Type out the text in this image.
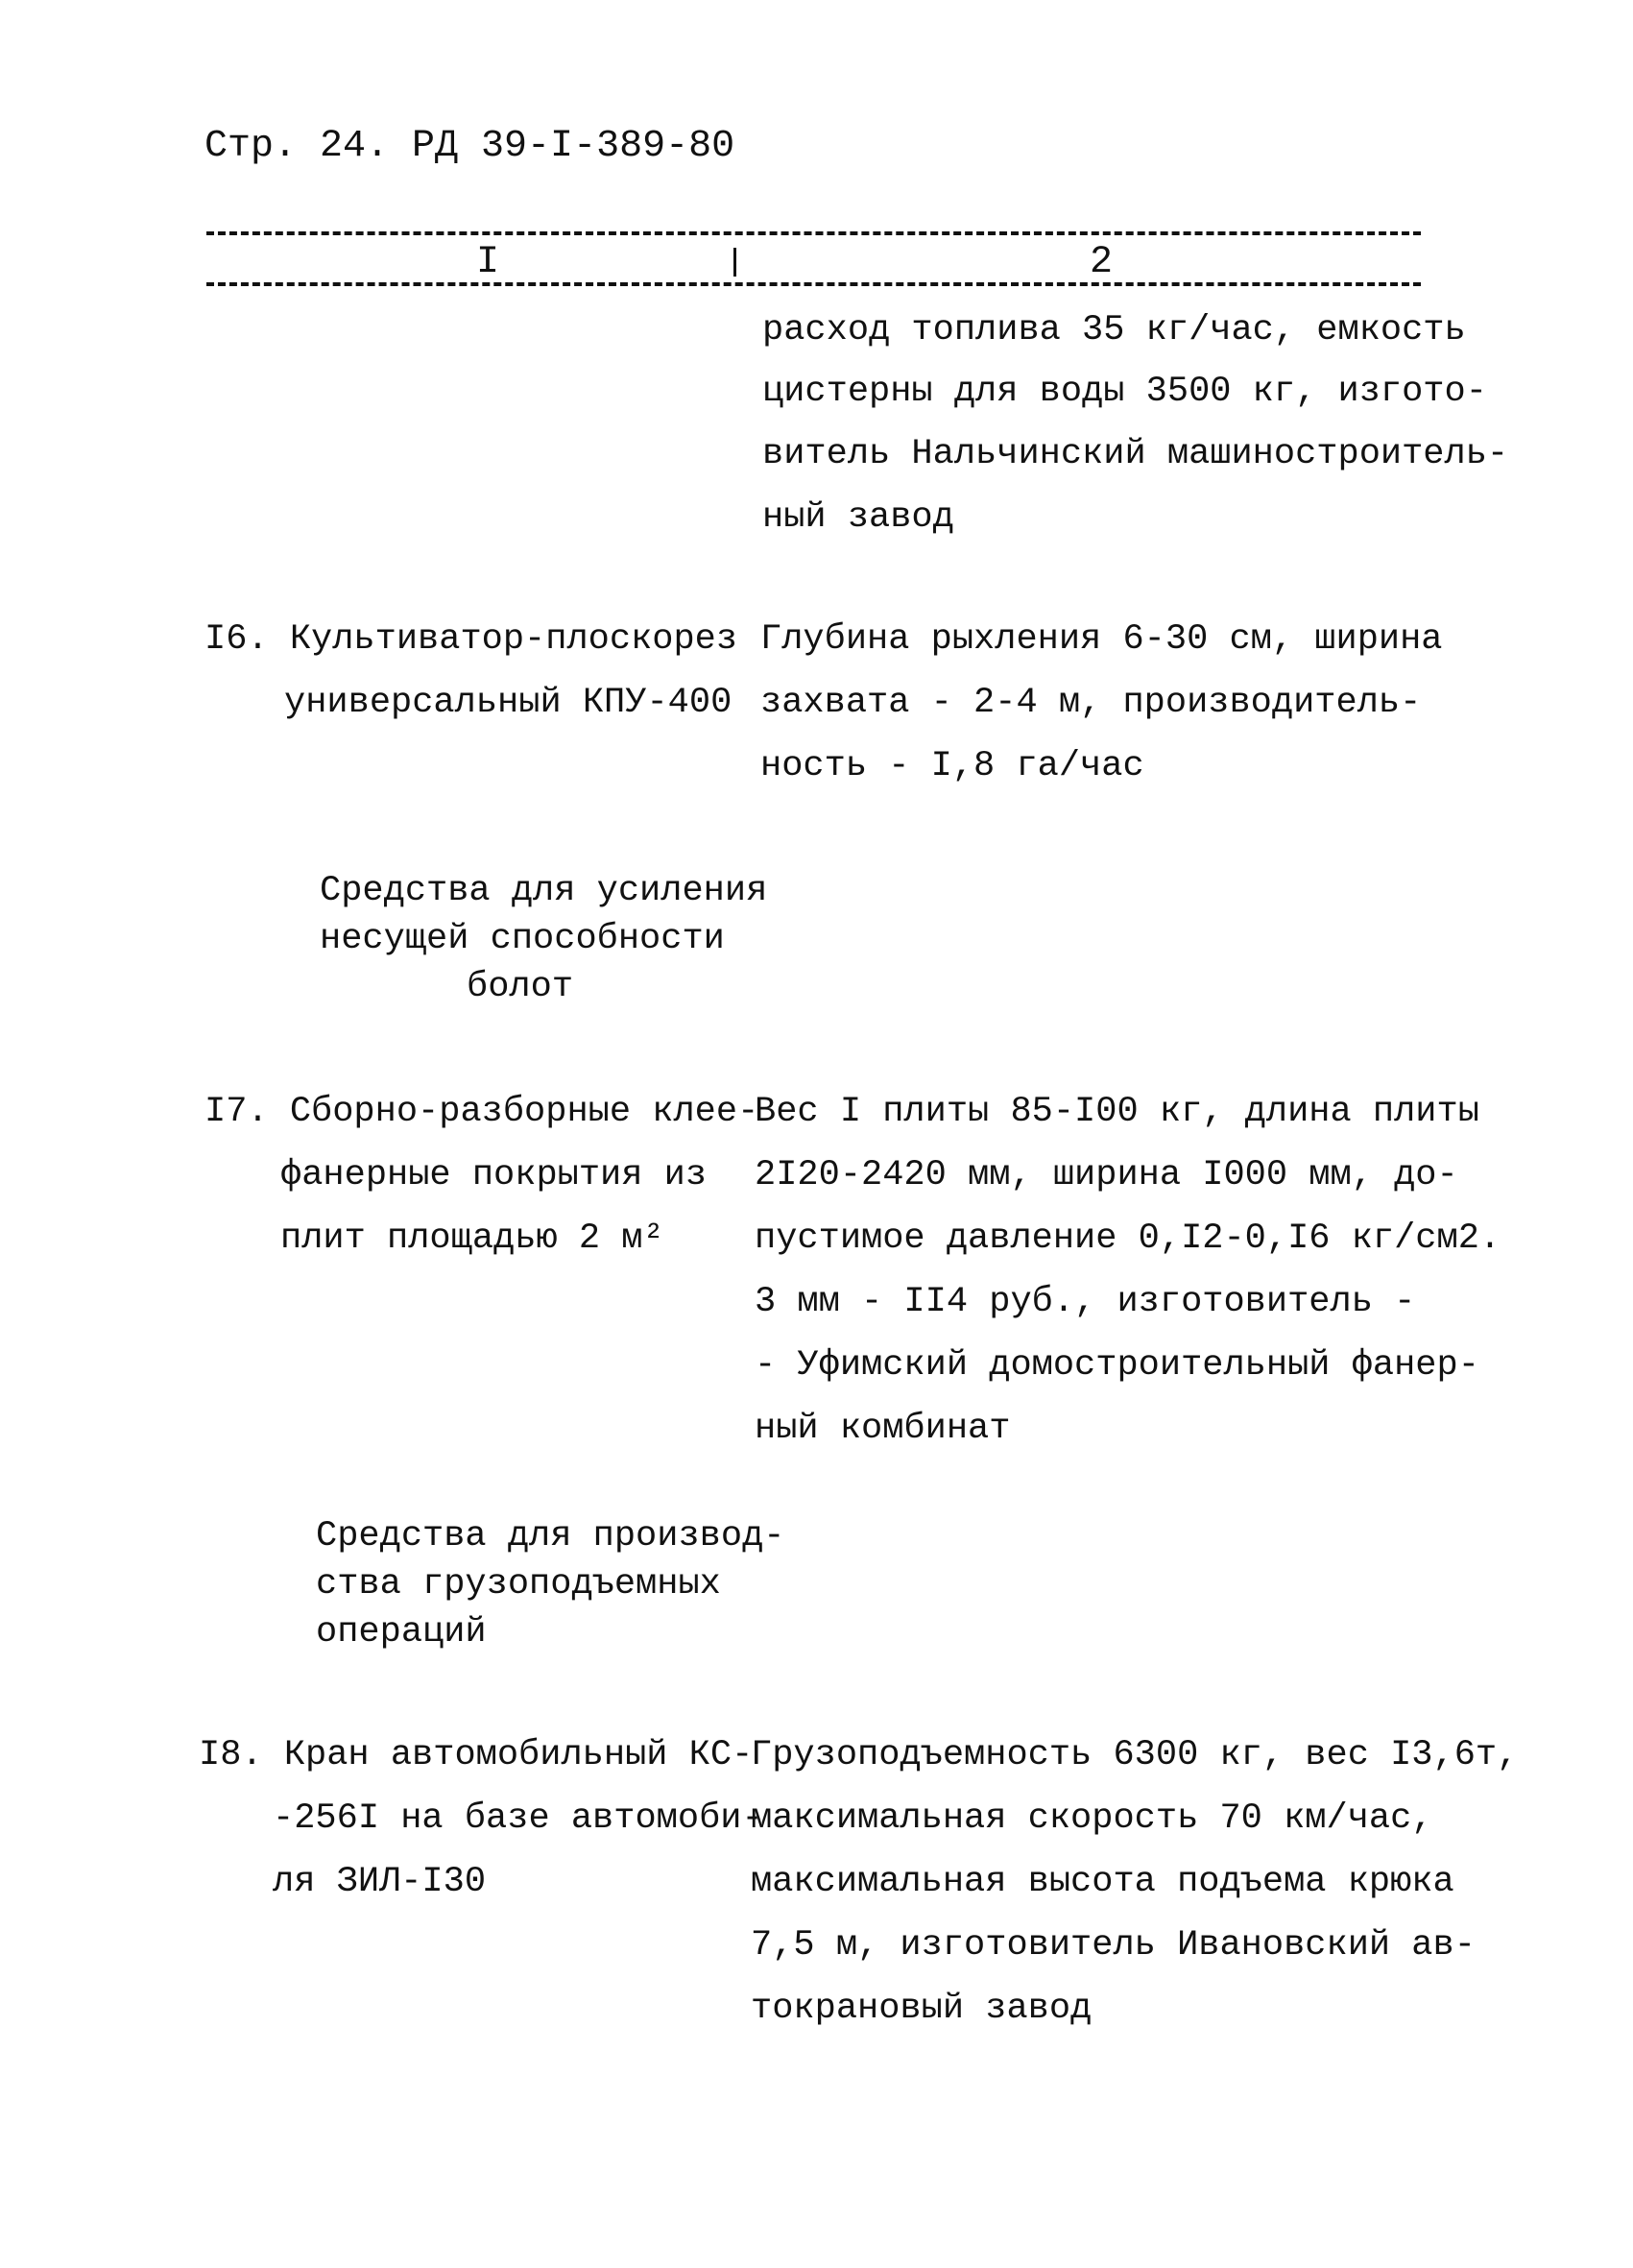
Стр. 24. РД 39-I-389-80
I	2
расход топлива 35 кг/час, емкость
цистерны для воды 3500 кг, изгото-
витель Нальчинский машиностроитель-
ный завод
I6. Культиватор-плоскорез
универсальный КПУ-400
Глубина рыхления 6-30 см, ширина
захвата - 2-4 м, производитель-
ность - I,8 га/час
Средства для усиления
несущей способности
болот
I7. Сборно-разборные клее-
фанерные покрытия из
плит площадью 2 м²
Вес I плиты 85-I00 кг, длина плиты
2I20-2420 мм, ширина I000 мм, до-
пустимое давление 0,I2-0,I6 кг/см2.
3 мм - II4 руб., изготовитель -
- Уфимский домостроительный фанер-
ный комбинат
Средства для производ-
ства грузоподъемных
операций
I8. Кран автомобильный КС-
-256I на базе автомоби-
ля ЗИЛ-I30
Грузоподъемность 6300 кг, вес I3,6т,
максимальная скорость 70 км/час,
максимальная высота подъема крюка
7,5 м, изготовитель Ивановский ав-
токрановый завод
